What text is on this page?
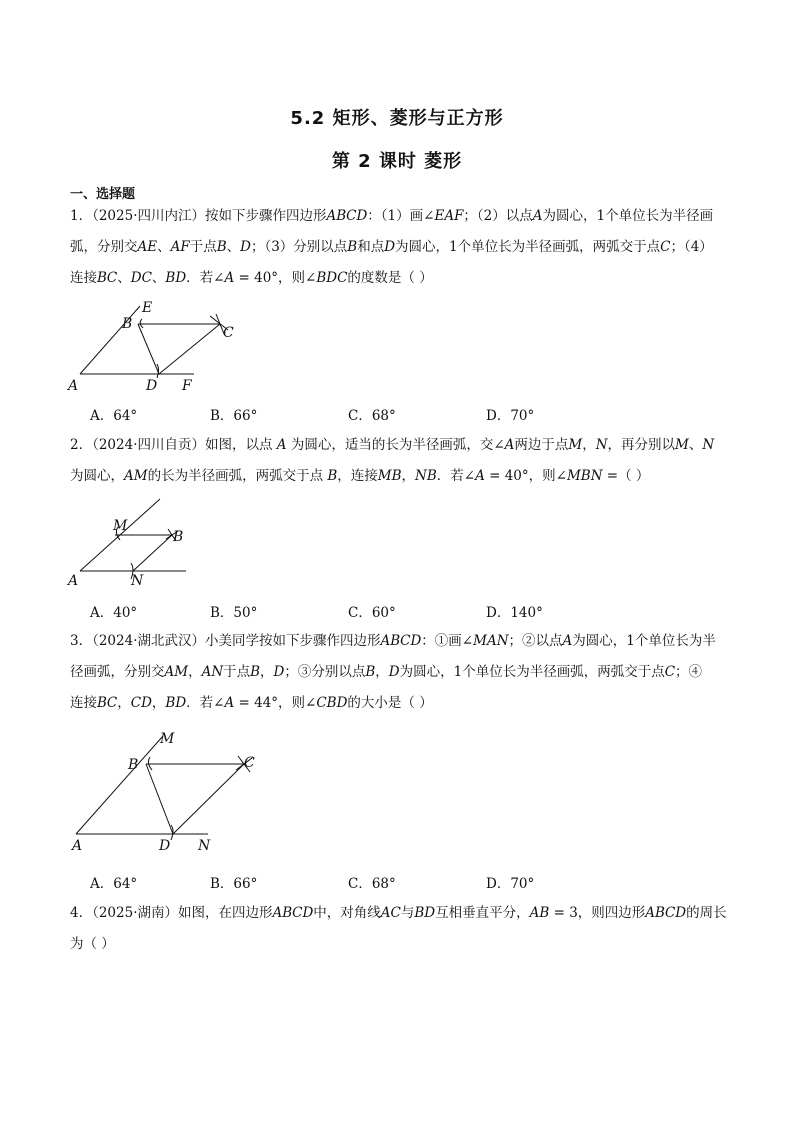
5.2 矩形、菱形与正方形
第 2 课时 菱形
一、选择题
1．（2025·四川内江）按如下步骤作四边形𝐴𝐵𝐶𝐷：（1）画∠𝐸𝐴𝐹；（2）以点𝐴为圆心，1个单位长为半径画
弧，分别交𝐴𝐸、𝐴𝐹于点𝐵、𝐷；（3）分别以点𝐵和点𝐷为圆心，1个单位长为半径画弧，两弧交于点𝐶；（4）
连接𝐵𝐶、𝐷𝐶、𝐵𝐷．若∠𝐴 = 40°，则∠𝐵𝐷𝐶的度数是（ ）
A
B
C
D
E
F
A．64°	B．66°	C．68°	D．70°
2．（2024·四川自贡）如图，以点 𝐴 为圆心，适当的长为半径画弧，交∠𝐴两边于点𝑀，𝑁，再分别以𝑀、𝑁
为圆心，𝐴𝑀的长为半径画弧，两弧交于点 𝐵，连接𝑀𝐵，𝑁𝐵．若∠𝐴 = 40°，则∠𝑀𝐵𝑁 =（ ）
A
B
M
N
A．40°	B．50°	C．60°	D．140°
3．（2024·湖北武汉）小美同学按如下步骤作四边形𝐴𝐵𝐶𝐷：①画∠𝑀𝐴𝑁；②以点𝐴为圆心，1个单位长为半
径画弧，分别交𝐴𝑀，𝐴𝑁于点𝐵，𝐷；③分别以点𝐵，𝐷为圆心，1个单位长为半径画弧，两弧交于点𝐶；④
连接𝐵𝐶，𝐶𝐷，𝐵𝐷．若∠𝐴 = 44°，则∠𝐶𝐵𝐷的大小是（ ）
A
B	C
D
M
N
A．64°	B．66°	C．68°	D．70°
4．（2025·湖南）如图，在四边形𝐴𝐵𝐶𝐷中，对角线𝐴𝐶与𝐵𝐷互相垂直平分，𝐴𝐵 = 3，则四边形𝐴𝐵𝐶𝐷的周长
为（ ）
